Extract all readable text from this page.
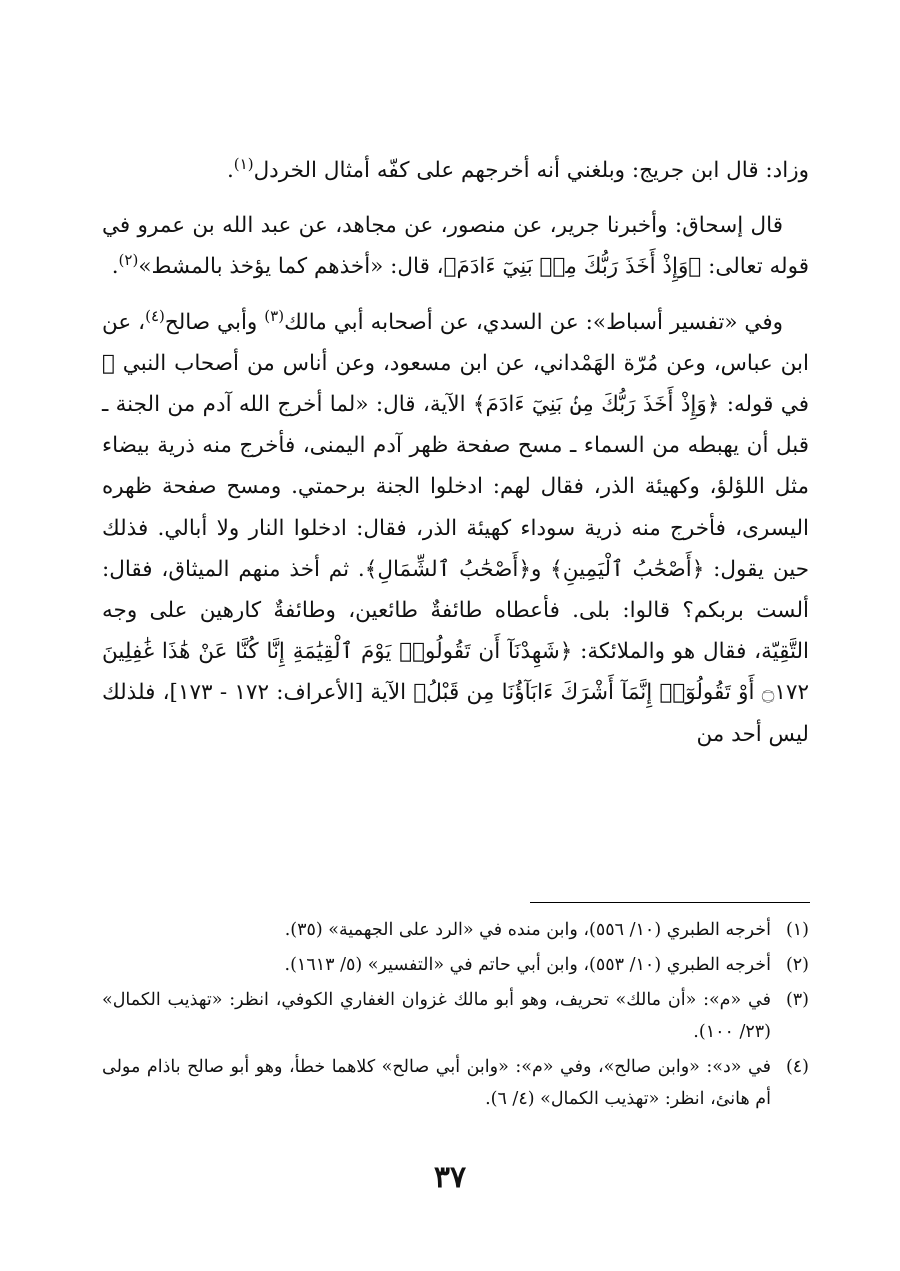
وزاد: قال ابن جريج: وبلغني أنه أخرجهم على كفّه أمثال الخردل$^{(١)}$.

قال إسحاق: وأخبرنا جرير، عن منصور، عن مجاهد، عن عبد الله بن عمرو في قوله تعالى: ﴿وَإِذْ أَخَذَ رَبُّكَ مِنۢ بَنِيٓ ءَادَمَ﴾، قال: «أخذهم كما يؤخذ بالمشط»$^{(٢)}$.

وفي «تفسير أسباط»: عن السدي، عن أصحابه أبي مالك$^{(٣)}$ وأبي صالح$^{(٤)}$، عن ابن عباس، وعن مُرّة الهَمْداني، عن ابن مسعود، وعن أناس من أصحاب النبي ﷺ في قوله: ﴿وَإِذْ أَخَذَ رَبُّكَ مِنۢ بَنِيٓ ءَادَمَ﴾ الآية، قال: «لما أخرج الله آدم من الجنة ـ قبل أن يهبطه من السماء ـ مسح صفحة ظهر آدم اليمنى، فأخرج منه ذرية بيضاء مثل اللؤلؤ، وكهيئة الذر، فقال لهم: ادخلوا الجنة برحمتي. ومسح صفحة ظهره اليسرى، فأخرج منه ذرية سوداء كهيئة الذر، فقال: ادخلوا النار ولا أبالي. فذلك حين يقول: ﴿أَصْحَٰبُ ٱلْيَمِينِ﴾ و﴿أَصْحَٰبُ ٱلشِّمَالِ﴾. ثم أخذ منهم الميثاق، فقال: ألست بربكم؟ قالوا: بلى. فأعطاه طائفةٌ طائعين، وطائفةٌ كارهين على وجه التَّقِيّة، فقال هو والملائكة: ﴿شَهِدْنَآ أَن تَقُولُوا۟ يَوْمَ ٱلْقِيَٰمَةِ إِنَّا كُنَّا عَنْ هَٰذَا غَٰفِلِينَ ۝١٧٢ أَوْ تَقُولُوٓا۟ إِنَّمَآ أَشْرَكَ ءَابَآؤُنَا مِن قَبْلُ﴾ الآية [الأعراف: ١٧٢ - ١٧٣]، فلذلك ليس أحد من

(١)
أخرجه الطبري (١٠/ ٥٥٦)، وابن منده في «الرد على الجهمية» (٣٥).
(٢)
أخرجه الطبري (١٠/ ٥٥٣)، وابن أبي حاتم في «التفسير» (٥/ ١٦١٣).
(٣)
في «م»: «أن مالك» تحريف، وهو أبو مالك غزوان الغفاري الكوفي، انظر: «تهذيب الكمال» (٢٣/ ١٠٠).
(٤)
في «د»: «وابن صالح»، وفي «م»: «وابن أبي صالح» كلاهما خطأ، وهو أبو صالح باذام مولى أم هانئ، انظر: «تهذيب الكمال» (٤/ ٦).
٣٧
